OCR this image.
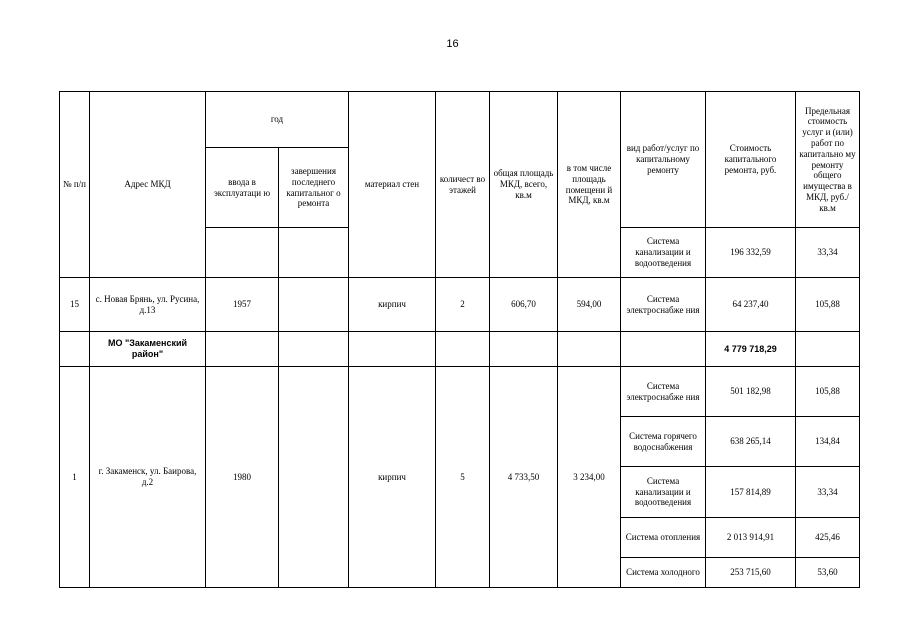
16
№ п/п	Адрес МКД	год		материал стен	количест во этажей	общая площадь МКД, всего, кв.м	в том числе площадь помещени й МКД, кв.м	вид работ/услуг по капитальному ремонту	Стоимость капитального ремонта, руб.	Предельная стоимость услуг и (или) работ по капитально му ремонту общего имущества в МКД, руб./кв.м
		ввода в эксплуатаци ю	завершения последнего капитальног о ремонта							
								Система канализации и водоотведения	196 332,59	33,34
15	с. Новая Брянь, ул. Русина, д.13	1957		кирпич	2	606,70	594,00	Система электроснабже ния	64 237,40	105,88
	МО "Закаменский район"								4 779 718,29	
1	г. Закаменск, ул. Баирова, д.2	1980		кирпич	5	4 733,50	3 234,00	Система электроснабже ния	501 182,98	105,88
								Система горячего водоснабжения	638 265,14	134,84
								Система канализации и водоотведения	157 814,89	33,34
								Система отопления	2 013 914,91	425,46
								Система холодного	253 715,60	53,60
